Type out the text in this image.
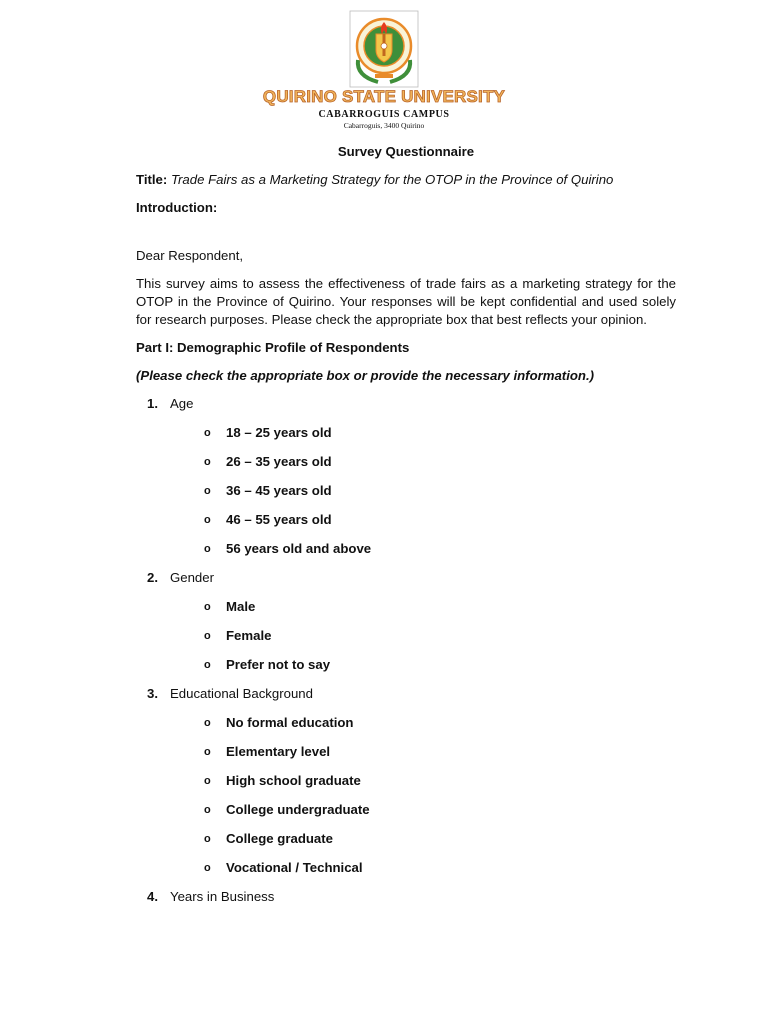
QUIRINO STATE UNIVERSITY
CABARROGUIS CAMPUS
Cabarroguis, 3400 Quirino
Survey Questionnaire
Title: Trade Fairs as a Marketing Strategy for the OTOP in the Province of Quirino
Introduction:
Dear Respondent,
This survey aims to assess the effectiveness of trade fairs as a marketing strategy for the OTOP in the Province of Quirino. Your responses will be kept confidential and used solely for research purposes. Please check the appropriate box that best reflects your opinion.
Part I: Demographic Profile of Respondents
(Please check the appropriate box or provide the necessary information.)
1. Age
o	18 – 25 years old
o	26 – 35 years old
o	36 – 45 years old
o	46 – 55 years old
o	56 years old and above
2. Gender
o	Male
o	Female
o	Prefer not to say
3. Educational Background
o	No formal education
o	Elementary level
o	High school graduate
o	College undergraduate
o	College graduate
o	Vocational / Technical
4. Years in Business
